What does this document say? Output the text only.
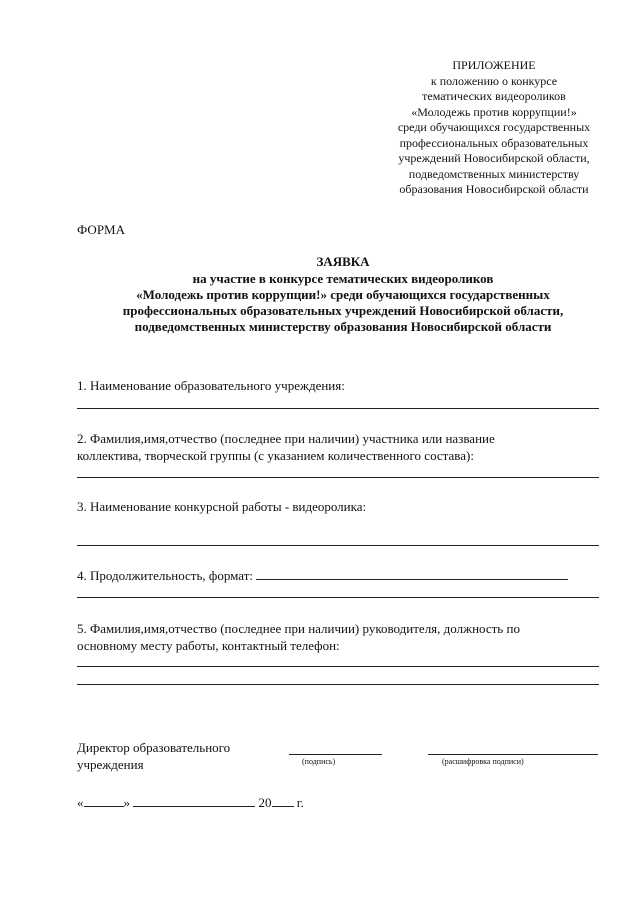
ПРИЛОЖЕНИЕ
к положению о конкурсе
тематических видеороликов
«Молодежь против коррупции!»
среди обучающихся государственных
профессиональных образовательных
учреждений Новосибирской области,
подведомственных министерству
образования Новосибирской области
ФОРМА
ЗАЯВКА
на участие в конкурсе тематических видеороликов
«Молодежь против коррупции!» среди обучающихся государственных
профессиональных образовательных учреждений Новосибирской области,
подведомственных министерству образования Новосибирской области
1. Наименование образовательного учреждения:
2. Фамилия,имя,отчество (последнее при наличии) участника или название
коллектива, творческой группы (с указанием количественного состава):
3. Наименование конкурсной работы - видеоролика:
4. Продолжительность, формат:
5. Фамилия,имя,отчество (последнее при наличии) руководителя, должность по
основному месту работы, контактный телефон:
Директор образовательного
учреждения	(подпись)	(расшифровка подписи)
«	»	20 г.
